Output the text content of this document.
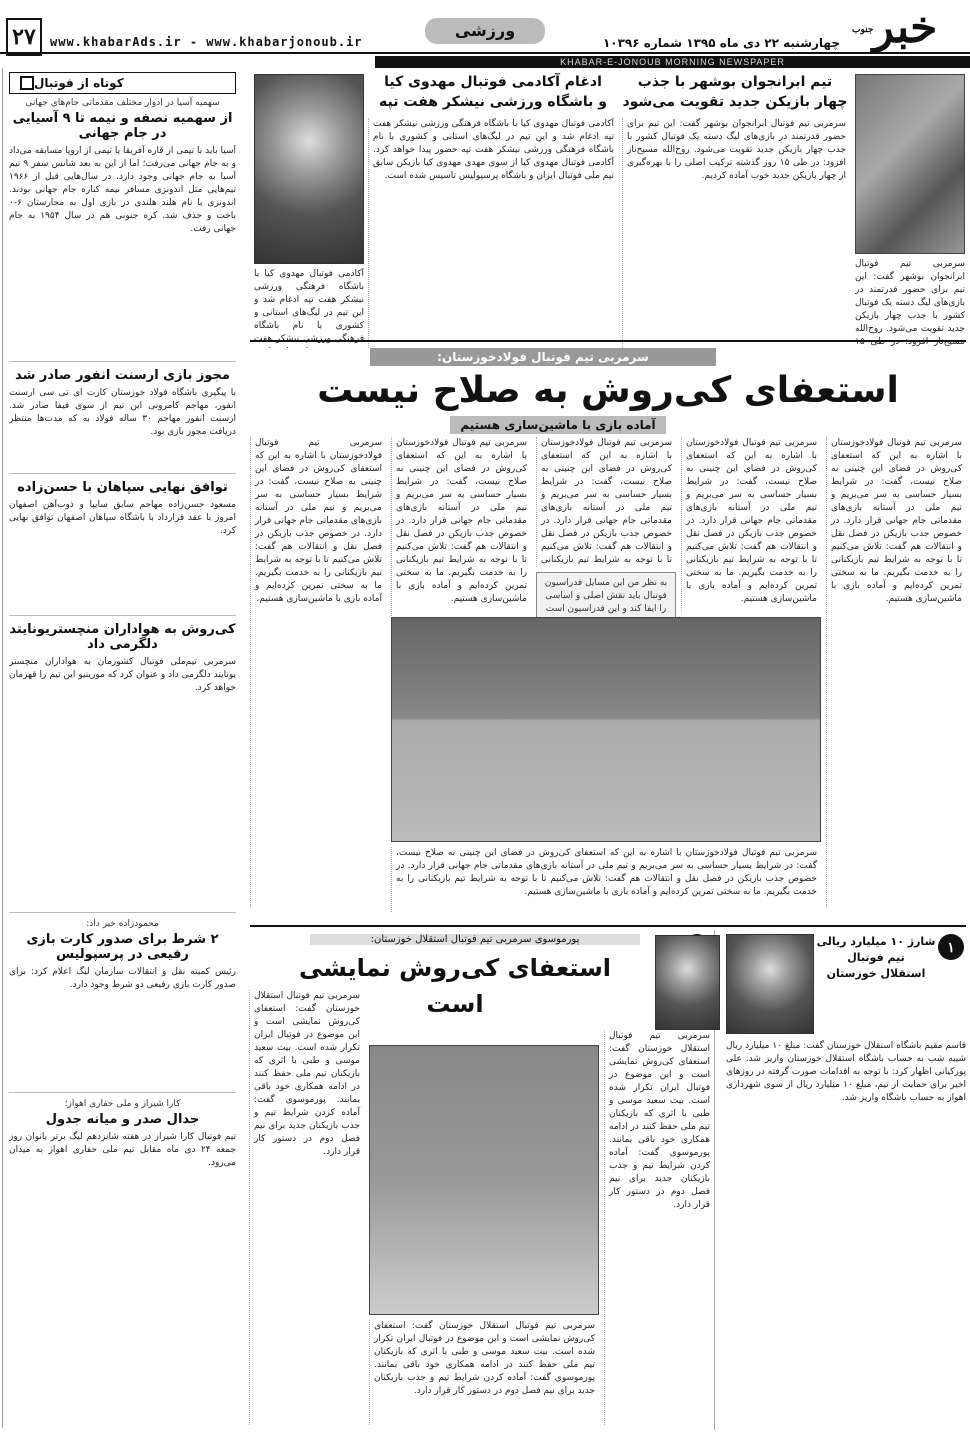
۲۷	www.khabarAds.ir - www.khabarjonoub.ir
ورزشی
چهارشنبه ۲۲ دی ماه ۱۳۹۵ شماره ۱۰۳۹۶ خبر
جنوب
KHABAR-E-JONOUB MORNING NEWSPAPER
کوتاه از فوتبال
سهمیه آسیا در ادوار مختلف مقدماتی جام‌های جهانی
از سهمیه نصفه و نیمه تا ۹ آسیایی در جام جهانی
آسیا باید با تیمی از قاره آفریقا یا تیمی از اروپا مسابقه می‌داد و به جام جهانی می‌رفت؛ اما از این به بعد شانس سفر ۹ تیم آسیا به جام جهانی وجود دارد. در سال‌هایی قبل از ۱۹۶۶ تیم‌هایی مثل اندونزی مسافر نیمه کناره جام جهانی بودند. اندونزی با نام هلند هلندی در بازی اول به مجارستان ۶-۰ باخت و حذف شد. کره جنوبی هم در سال ۱۹۵۴ به جام جهانی رفت.
مجوز بازی ارسنت انفور صادر شد
با پیگیری باشگاه فولاد خوزستان کارت ای تی سی ارسنت انفور، مهاجم کامرونی این تیم از سوی فیفا صادر شد. ارسنت انفور مهاجم ۳۰ ساله فولاد به که مدت‌ها منتظر دریافت مجوز بازی بود.
توافق نهایی سپاهان با حسن‌زاده
مسعود حسن‌زاده مهاجم سابق سایپا و ذوب‌آهن اصفهان امروز با عقد قرارداد با باشگاه سپاهان اصفهان توافق نهایی کرد.
کی‌روش به هواداران منچستریونایتد دلگرمی داد
سرمربی تیم‌ملی فوتبال کشورمان به هواداران منچستر یونایتد دلگرمی داد و عنوان کرد که مورینیو این تیم را قهرمان خواهد کرد.
محمودزاده خبر داد:
۲ شرط برای صدور کارت بازی رفیعی در پرسپولیس
رئیس کمیته نقل و انتقالات سازمان لیگ اعلام کرد: برای صدور کارت بازی رفیعی دو شرط وجود دارد.
کارا شیراز و ملی حفاری اهواز؛
جدال صدر و میانه جدول
تیم فوتبال کارا شیراز در هفته شانزدهم لیگ برتر بانوان روز جمعه ۲۴ دی ماه مقابل تیم ملی حفاری اهواز به میدان می‌رود.
تیم ابرانجوان بوشهر با جذب
چهار بازیکن جدید تقویت می‌شود
سرمربی تیم فوتبال ابرانجوان بوشهر گفت: این تیم برای حضور قدرتمند در بازی‌های لیگ دسته یک فوتبال کشور با جذب چهار بازیکن جدید تقویت می‌شود. روح‌الله مسیح‌ناز افزود: در طی ۱۵ روز گذشته ترکیب اصلی را با بهره‌گیری از چهار بازیکن جدید خوب آماده کردیم.
سرمربی تیم فوتبال ابرانجوان بوشهر گفت: این تیم برای حضور قدرتمند در بازی‌های لیگ دسته یک فوتبال کشور با جذب چهار بازیکن جدید تقویت می‌شود. روح‌الله مسیح‌ناز افزود: در طی ۱۵
ادغام آکادمی فوتبال مهدوی کیا
و باشگاه ورزشی نیشکر هفت تپه
آکادمی فوتبال مهدوی کیا با باشگاه فرهنگی ورزشی نیشکر هفت تپه ادغام شد و این تیم در لیگ‌های استانی و کشوری با نام باشگاه فرهنگی ورزشی نیشکر هفت تپه حضور پیدا خواهد کرد. آکادمی فوتبال مهدوی کیا از سوی مهدی مهدوی کیا بازیکن سابق تیم ملی فوتبال ایران و باشگاه پرسپولیس تاسیس شده است.
آکادمی فوتبال مهدوی کیا با باشگاه فرهنگی ورزشی نیشکر هفت تپه ادغام شد و این تیم در لیگ‌های استانی و کشوری با نام باشگاه فرهنگی ورزشی نیشکر هفت
سرمربی تیم فوتبال فولادخوزستان:
استعفای کی‌روش به صلاح نیست
آماده بازی با ماشین‌سازی هستیم
سرمربی تیم فوتبال فولادخوزستان با اشاره به این که استعفای کی‌روش در فضای این چنینی به صلاح نیست، گفت: در شرایط بسیار حساسی به سر می‌بریم و تیم ملی در آستانه بازی‌های مقدماتی جام جهانی قرار دارد. در خصوص جذب بازیکن در فصل نقل و انتقالات هم گفت: تلاش می‌کنیم تا با توجه به شرایط تیم بازیکنانی را به خدمت بگیریم. ما به سختی تمرین کرده‌ایم و آماده بازی با ماشین‌سازی هستیم.
سرمربی تیم فوتبال فولادخوزستان با اشاره به این که استعفای کی‌روش در فضای این چنینی به صلاح نیست، گفت: در شرایط بسیار حساسی به سر می‌بریم و تیم ملی در آستانه بازی‌های مقدماتی جام جهانی قرار دارد. در خصوص جذب بازیکن در فصل نقل و انتقالات هم گفت: تلاش می‌کنیم تا با توجه به شرایط تیم بازیکنانی را به خدمت بگیریم. ما به سختی تمرین کرده‌ایم و آماده بازی با ماشین‌سازی هستیم.
سرمربی تیم فوتبال فولادخوزستان با اشاره به این که استعفای کی‌روش در فضای این چنینی به صلاح نیست، گفت: در شرایط بسیار حساسی به سر می‌بریم و تیم ملی در آستانه بازی‌های مقدماتی جام جهانی قرار دارد. در خصوص جذب بازیکن در فصل نقل و انتقالات هم گفت: تلاش می‌کنیم تا با توجه به شرایط تیم بازیکنانی
به نظر من این مسایل فدراسیون فوتبال باید نقش اصلی و اساسی را ایفا کند و این فدراسیون است
سرمربی تیم فوتبال فولادخوزستان با اشاره به این که استعفای کی‌روش در فضای این چنینی به صلاح نیست، گفت: در شرایط بسیار حساسی به سر می‌بریم و تیم ملی در آستانه بازی‌های مقدماتی جام جهانی قرار دارد. در خصوص جذب بازیکن در فصل نقل و انتقالات هم گفت: تلاش می‌کنیم تا با توجه به شرایط تیم بازیکنانی را به خدمت بگیریم. ما به سختی تمرین کرده‌ایم و آماده بازی با ماشین‌سازی هستیم.
سرمربی تیم فوتبال فولادخوزستان با اشاره به این که استعفای کی‌روش در فضای این چنینی به صلاح نیست، گفت: در شرایط بسیار حساسی به سر می‌بریم و تیم ملی در آستانه بازی‌های مقدماتی جام جهانی قرار دارد. در خصوص جذب بازیکن در فصل نقل و انتقالات هم گفت: تلاش می‌کنیم تا با توجه به شرایط تیم بازیکنانی را به خدمت بگیریم. ما به سختی تمرین کرده‌ایم و آماده بازی با ماشین‌سازی هستیم.
سرمربی تیم فوتبال فولادخوزستان با اشاره به این که استعفای کی‌روش در فضای این چنینی به صلاح نیست، گفت: در شرایط بسیار حساسی به سر می‌بریم و تیم ملی در آستانه بازی‌های مقدماتی جام جهانی قرار دارد. در خصوص جذب بازیکن در فصل نقل و انتقالات هم گفت: تلاش می‌کنیم تا با توجه به شرایط تیم بازیکنانی را به خدمت بگیریم. ما به سختی تمرین کرده‌ایم و آماده بازی با ماشین‌سازی هستیم.
۱
شارژ ۱۰ میلیارد ریالی تیم فوتبال
استقلال خوزستان
قاسم مقیم باشگاه استقلال خوزستان گفت: مبلغ ۱۰ میلیارد ریال شیبه شب به حساب باشگاه استقلال خوزستان واریز شد. علی پورکیانی اظهار کرد: با توجه به اقدامات صورت گرفته در روزهای اخیر برای حمایت از تیم، مبلغ ۱۰ میلیارد ریال از سوی شهرداری اهواز به حساب باشگاه واریز شد.
پورموسوی سرمربی تیم فوتبال استقلال خوزستان:
استعفای کی‌روش نمایشی است
سرمربی تیم فوتبال استقلال خوزستان گفت: استعفای کی‌روش نمایشی است و این موضوع در فوتبال ایران تکرار شده است. بیت سعید موسی و طبی با اثری که بازیکنان تیم ملی حفظ کنند در ادامه همکاری خود باقی بمانند. پورموسوی گفت: آماده کردن شرایط تیم و جذب بازیکنان جدید برای نیم فصل دوم در دستور کار قرار دارد.
سرمربی تیم فوتبال استقلال خوزستان گفت: استعفای کی‌روش نمایشی است و این موضوع در فوتبال ایران تکرار شده است. بیت سعید موسی و طبی با اثری که بازیکنان تیم ملی حفظ کنند در ادامه همکاری خود باقی بمانند. پورموسوی گفت: آماده کردن شرایط تیم و جذب بازیکنان جدید برای نیم فصل دوم در دستور کار قرار دارد.
سرمربی تیم فوتبال استقلال خوزستان گفت: استعفای کی‌روش نمایشی است و این موضوع در فوتبال ایران تکرار شده است. بیت سعید موسی و طبی با اثری که بازیکنان تیم ملی حفظ کنند در ادامه همکاری خود باقی بمانند. پورموسوی گفت: آماده کردن شرایط تیم و جذب بازیکنان جدید برای نیم فصل دوم در دستور کار قرار دارد.
